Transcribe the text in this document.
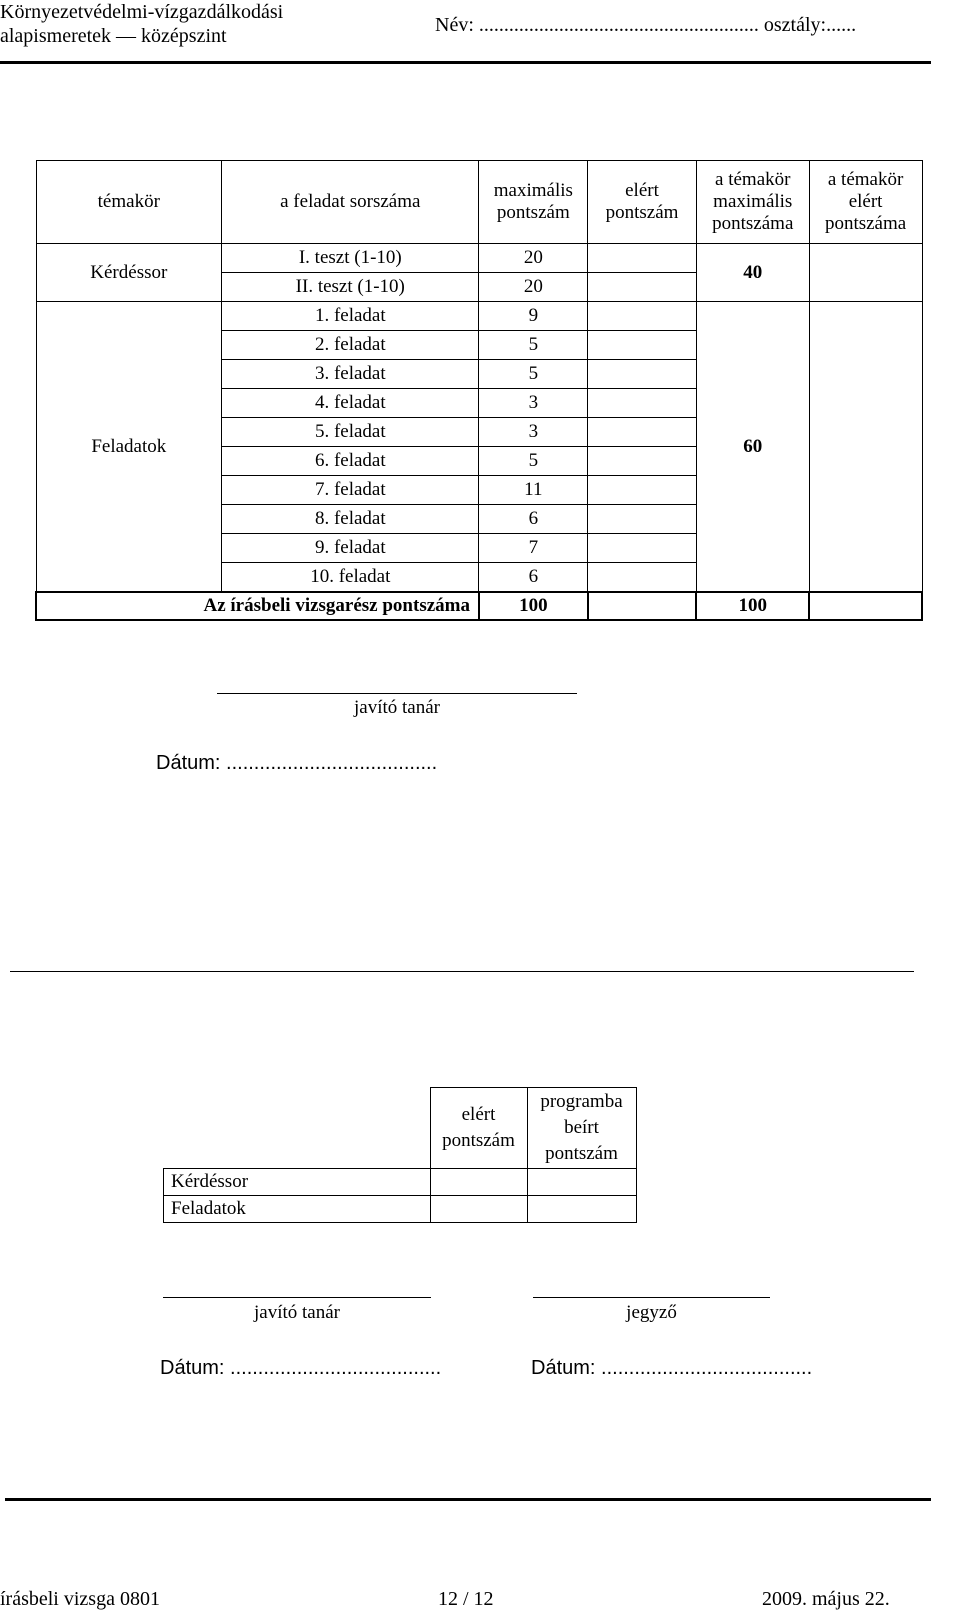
Környezetvédelmi-vízgazdálkodási
alapismeretek — középszint	Név: ........................................................ osztály:......
témakör	a feladat sorszáma	maximális pontszám	elért pontszám	a témakör maximális pontszáma	a témakör elért pontszáma
Kérdéssor	I. teszt (1-10)	20		40	
	II. teszt (1-10)	20			
Feladatok	1. feladat	9		60	
	2. feladat	5			
	3. feladat	5			
	4. feladat	3			
	5. feladat	3			
	6. feladat	5			
	7. feladat	11			
	8. feladat	6			
	9. feladat	7			
	10. feladat	6			
Az írásbeli vizsgarész pontszáma		100		100	
javító tanár
Dátum: ......................................
	elért pontszám	programba beírt pontszám
Kérdéssor		
Feladatok		
javító tanár
Dátum: ......................................
jegyző
Dátum: ......................................
írásbeli vizsga 0801	12 / 12	2009. május 22.
